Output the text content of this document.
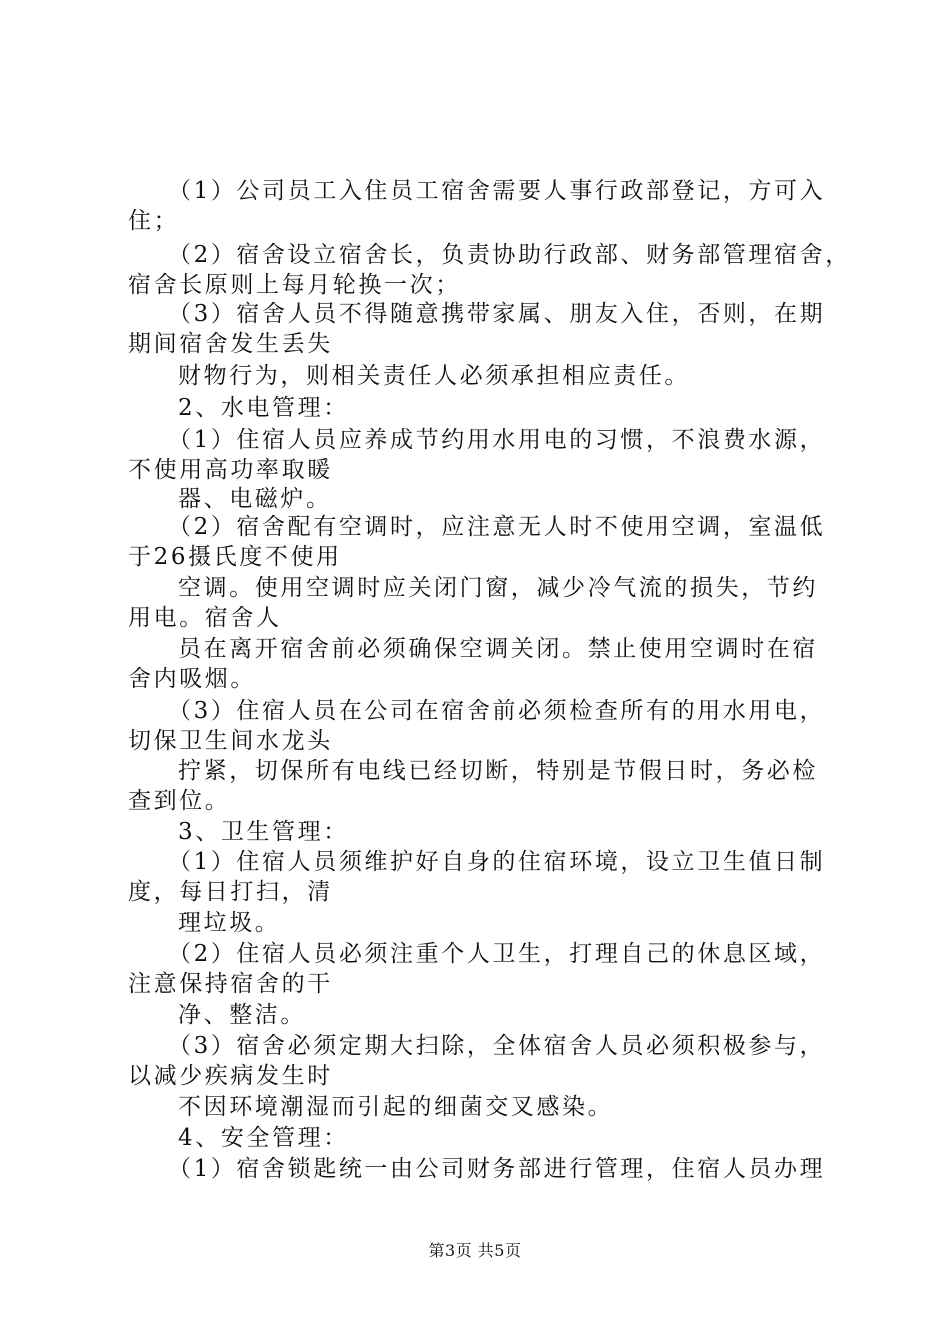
（1）公司员工入住员工宿舍需要人事行政部登记，方可入
住；
（2）宿舍设立宿舍长，负责协助行政部、财务部管理宿舍，
宿舍长原则上每月轮换一次；
（3）宿舍人员不得随意携带家属、朋友入住，否则，在期
期间宿舍发生丢失
财物行为，则相关责任人必须承担相应责任。
2、水电管理：
（1）住宿人员应养成节约用水用电的习惯，不浪费水源，
不使用高功率取暖
器、电磁炉。
（2）宿舍配有空调时，应注意无人时不使用空调，室温低
于26摄氏度不使用
空调。使用空调时应关闭门窗，减少冷气流的损失，节约
用电。宿舍人
员在离开宿舍前必须确保空调关闭。禁止使用空调时在宿
舍内吸烟。
（3）住宿人员在公司在宿舍前必须检查所有的用水用电，
切保卫生间水龙头
拧紧，切保所有电线已经切断，特别是节假日时，务必检
查到位。
3、卫生管理：
（1）住宿人员须维护好自身的住宿环境，设立卫生值日制
度，每日打扫，清
理垃圾。
（2）住宿人员必须注重个人卫生，打理自己的休息区域，
注意保持宿舍的干
净、整洁。
（3）宿舍必须定期大扫除，全体宿舍人员必须积极参与，
以减少疾病发生时
不因环境潮湿而引起的细菌交叉感染。
4、安全管理：
（1）宿舍锁匙统一由公司财务部进行管理，住宿人员办理
第3页 共5页
